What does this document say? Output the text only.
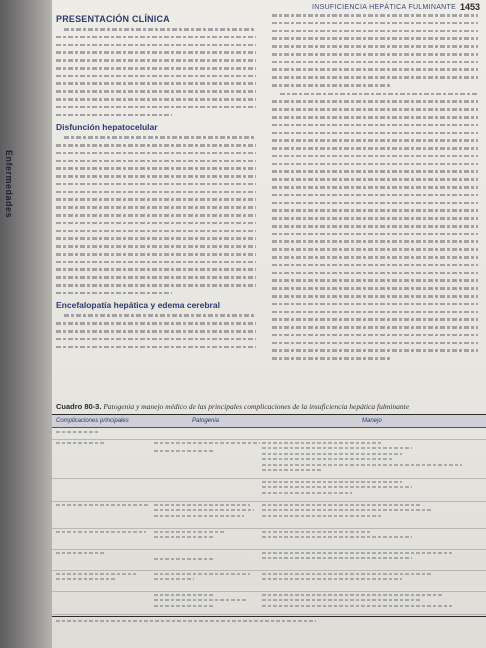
Enfermedades
INSUFICIENCIA HEPÁTICA FULMINANTE 1453
PRESENTACIÓN CLÍNICA
Disfunción hepatocelular
Encefalopatía hepática y edema cerebral
Cuadro 80-3. Patogenia y manejo médico de las principales complicaciones de la insuficiencia hepática fulminante
Complicaciones principales	Patogenia	Manejo
